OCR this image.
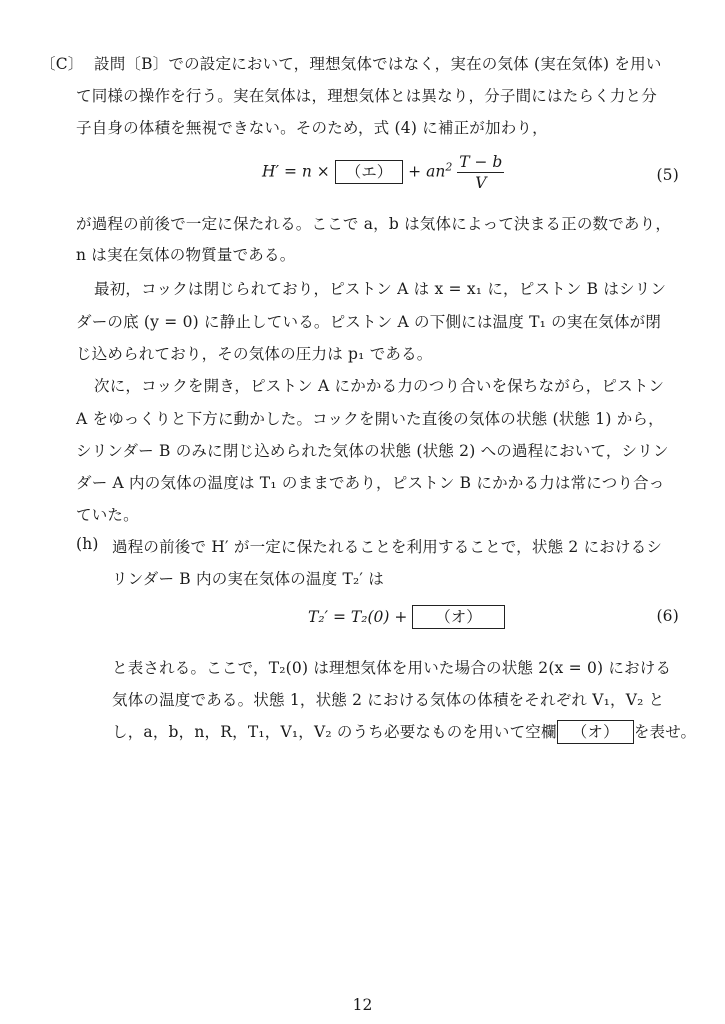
〔C〕 設問〔B〕での設定において，理想気体ではなく，実在の気体 (実在気体) を用い
て同様の操作を行う。実在気体は，理想気体とは異なり，分子間にはたらく力と分
子自身の体積を無視できない。そのため，式 (4) に補正が加わり，
H′ = n × （エ） + $an^2 \frac{T - b}{V}$	(5)
が過程の前後で一定に保たれる。ここで a，b は気体によって決まる正の数であり，
n は実在気体の物質量である。
最初，コックは閉じられており，ピストン A は x = x₁ に，ピストン B はシリン
ダーの底 (y = 0) に静止している。ピストン A の下側には温度 T₁ の実在気体が閉
じ込められており，その気体の圧力は p₁ である。
次に，コックを開き，ピストン A にかかる力のつり合いを保ちながら，ピストン
A をゆっくりと下方に動かした。コックを開いた直後の気体の状態 (状態 1) から，
シリンダー B のみに閉じ込められた気体の状態 (状態 2) への過程において，シリン
ダー A 内の気体の温度は T₁ のままであり，ピストン B にかかる力は常につり合っ
ていた。
(h) 過程の前後で H′ が一定に保たれることを利用することで，状態 2 におけるシ
リンダー B 内の実在気体の温度 T₂′ は
T₂′ = T₂(0) + （オ）	(6)
と表される。ここで，T₂(0) は理想気体を用いた場合の状態 2(x = 0) における
気体の温度である。状態 1，状態 2 における気体の体積をそれぞれ V₁，V₂ と
し，a，b，n，R，T₁，V₁，V₂ のうち必要なものを用いて空欄 （オ） を表せ。
12
